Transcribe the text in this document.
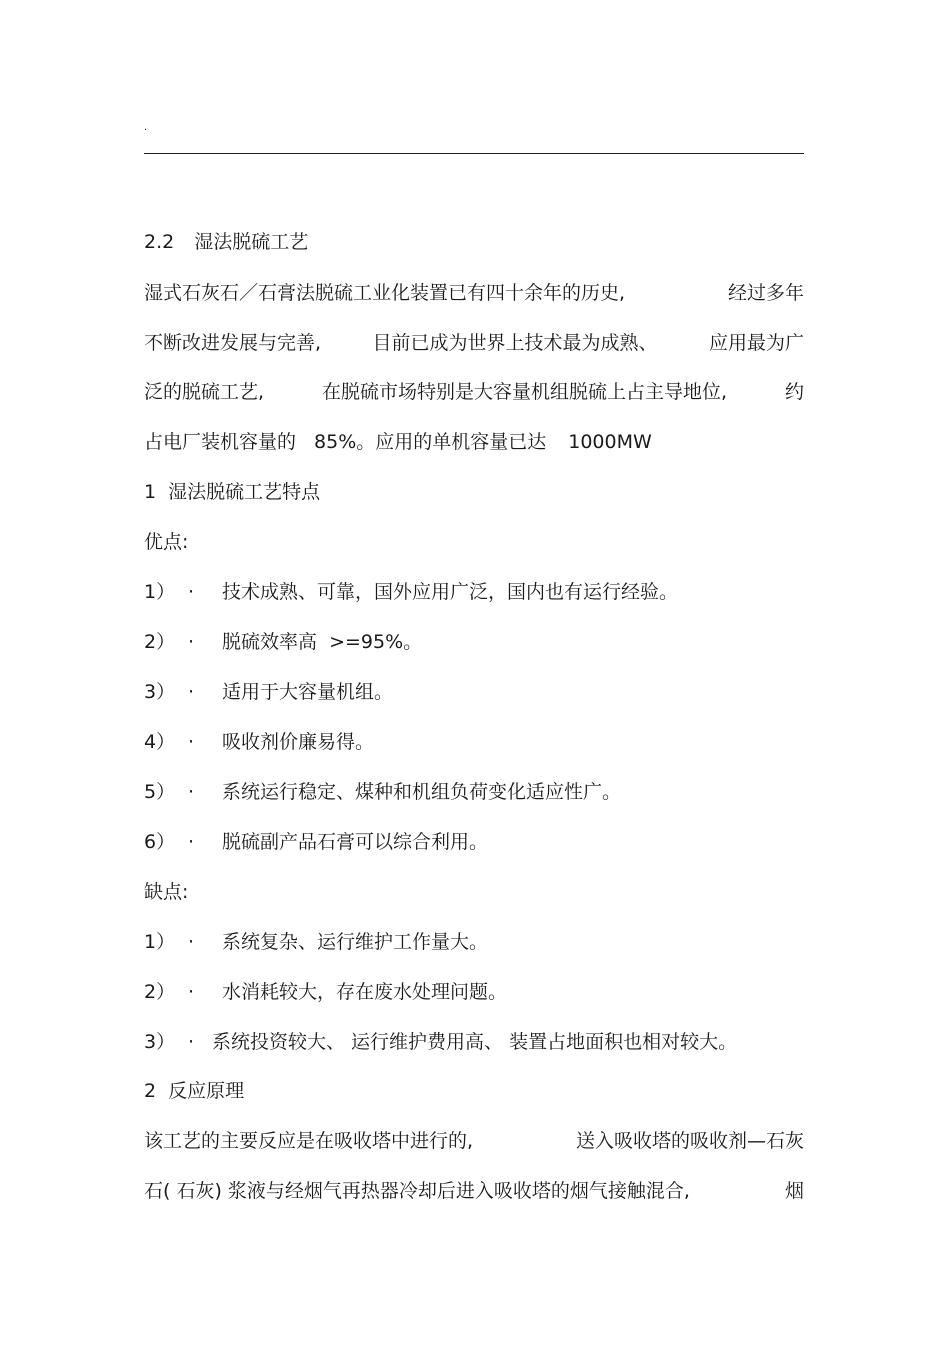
.
2.2 湿法脱硫工艺
湿式石灰石／石膏法脱硫工业化装置已有四十余年的历史,	经过多年
不断改进发展与完善,	目前已成为世界上技术最为成熟、	应用最为广
泛的脱硫工艺,	在脱硫市场特别是大容量机组脱硫上占主导地位,	约
占电厂装机容量的 85%。应用的单机容量已达 1000MW
1  湿法脱硫工艺特点
优点:
1） · 技术成熟、可靠，国外应用广泛，国内也有运行经验。
2） · 脱硫效率高  >=95%。
3） · 适用于大容量机组。
4） · 吸收剂价廉易得。
5） · 系统运行稳定、煤种和机组负荷变化适应性广。
6） · 脱硫副产品石膏可以综合利用。
缺点:
1） · 系统复杂、运行维护工作量大。
2） · 水消耗较大，存在废水处理问题。
3） · 系统投资较大、 运行维护费用高、 装置占地面积也相对较大。
2  反应原理
该工艺的主要反应是在吸收塔中进行的,	送入吸收塔的吸收剂—石灰
石( 石灰) 浆液与经烟气再热器冷却后进入吸收塔的烟气接触混合,	烟
